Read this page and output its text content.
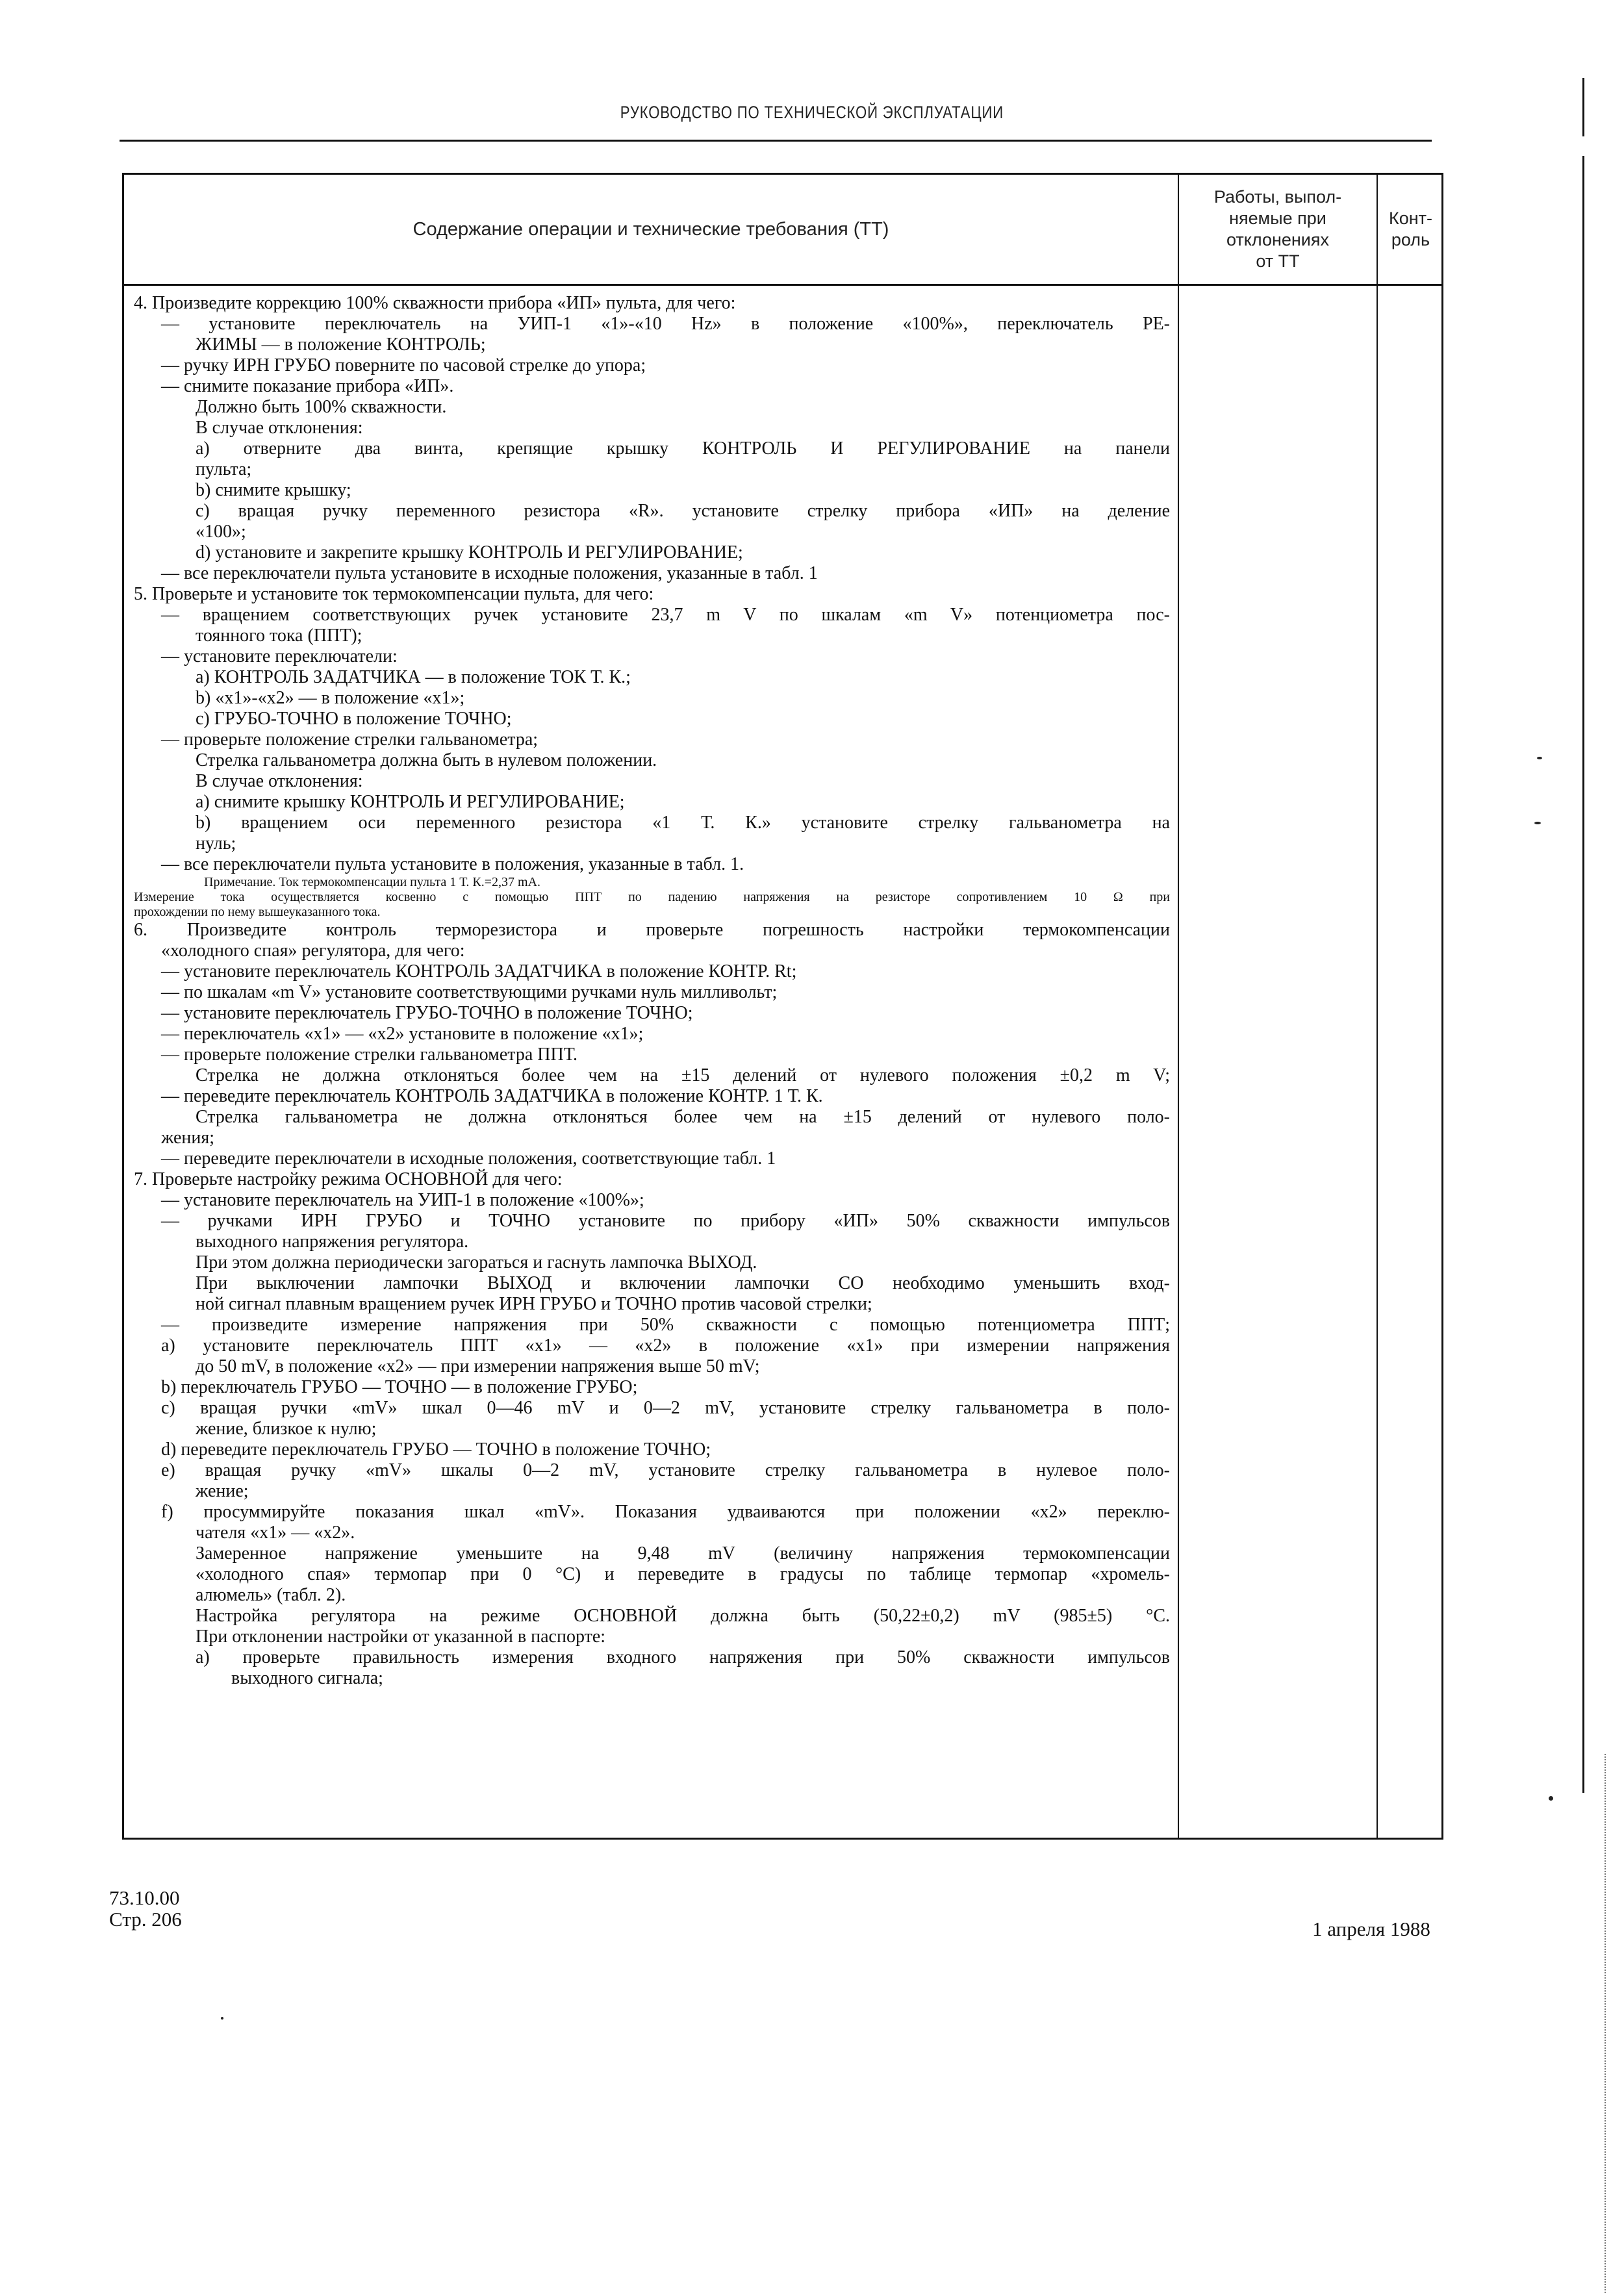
РУКОВОДСТВО ПО ТЕХНИЧЕСКОЙ ЭКСПЛУАТАЦИИ
Содержание операции и технические требования (ТТ)
Работы, выпол-
няемые при
отклонениях
от ТТ
Конт-
роль
4. Произведите коррекцию 100% скважности прибора «ИП» пульта, для чего:
— установите переключатель на УИП-1 «1»-«10 Hz» в положение «100%», переключатель РЕ-
ЖИМЫ — в положение КОНТРОЛЬ;
— ручку ИРН ГРУБО поверните по часовой стрелке до упора;
— снимите показание прибора «ИП».
Должно быть 100% скважности.
В случае отклонения:
a) отверните два винта, крепящие крышку КОНТРОЛЬ И РЕГУЛИРОВАНИЕ на панели
пульта;
b) снимите крышку;
c) вращая ручку переменного резистора «R». установите стрелку прибора «ИП» на деление
«100»;
d) установите и закрепите крышку КОНТРОЛЬ И РЕГУЛИРОВАНИЕ;
— все переключатели пульта установите в исходные положения, указанные в табл. 1
5. Проверьте и установите ток термокомпенсации пульта, для чего:
— вращением соответствующих ручек установите 23,7 m V по шкалам «m V» потенциометра пос-
тоянного тока (ППТ);
— установите переключатели:
a) КОНТРОЛЬ ЗАДАТЧИКА — в положение ТОК Т. К.;
b) «x1»-«x2» — в положение «x1»;
c) ГРУБО-ТОЧНО в положение ТОЧНО;
— проверьте положение стрелки гальванометра;
Стрелка гальванометра должна быть в нулевом положении.
В случае отклонения:
a) снимите крышку КОНТРОЛЬ И РЕГУЛИРОВАНИЕ;
b) вращением оси переменного резистора «1 Т. К.» установите стрелку гальванометра на
нуль;
— все переключатели пульта установите в положения, указанные в табл. 1.
Примечание. Ток термокомпенсации пульта 1 Т. К.=2,37 mA.
Измерение тока осуществляется косвенно с помощью ППТ по падению напряжения на резисторе сопротивлением 10 Ω при
прохождении по нему вышеуказанного тока.
6. Произведите контроль терморезистора и проверьте погрешность настройки термокомпенсации
«холодного спая» регулятора, для чего:
— установите переключатель КОНТРОЛЬ ЗАДАТЧИКА в положение КОНТР. Rt;
— по шкалам «m V» установите соответствующими ручками нуль милливольт;
— установите переключатель ГРУБО-ТОЧНО в положение ТОЧНО;
— переключатель «x1» — «x2» установите в положение «x1»;
— проверьте положение стрелки гальванометра ППТ.
Стрелка не должна отклоняться более чем на ±15 делений от нулевого положения ±0,2 m V;
— переведите переключатель КОНТРОЛЬ ЗАДАТЧИКА в положение КОНТР. 1 Т. К.
Стрелка гальванометра не должна отклоняться более чем на ±15 делений от нулевого поло-
жения;
— переведите переключатели в исходные положения, соответствующие табл. 1
7. Проверьте настройку режима ОСНОВНОЙ для чего:
— установите переключатель на УИП-1 в положение «100%»;
— ручками ИРН ГРУБО и ТОЧНО установите по прибору «ИП» 50% скважности импульсов
выходного напряжения регулятора.
При этом должна периодически загораться и гаснуть лампочка ВЫХОД.
При выключении лампочки ВЫХОД и включении лампочки СО необходимо уменьшить вход-
ной сигнал плавным вращением ручек ИРН ГРУБО и ТОЧНО против часовой стрелки;
— произведите измерение напряжения при 50% скважности с помощью потенциометра ППТ;
a) установите переключатель ППТ «x1» — «x2» в положение «x1» при измерении напряжения
до 50 mV, в положение «x2» — при измерении напряжения выше 50 mV;
b) переключатель ГРУБО — ТОЧНО — в положение ГРУБО;
c) вращая ручки «mV» шкал 0—46 mV и 0—2 mV, установите стрелку гальванометра в поло-
жение, близкое к нулю;
d) переведите переключатель ГРУБО — ТОЧНО в положение ТОЧНО;
e) вращая ручку «mV» шкалы 0—2 mV, установите стрелку гальванометра в нулевое поло-
жение;
f) просуммируйте показания шкал «mV». Показания удваиваются при положении «x2» переклю-
чателя «x1» — «x2».
Замеренное напряжение уменьшите на 9,48 mV (величину напряжения термокомпенсации
«холодного спая» термопар при 0 °C) и переведите в градусы по таблице термопар «хромель-
алюмель» (табл. 2).
Настройка регулятора на режиме ОСНОВНОЙ должна быть (50,22±0,2) mV (985±5) °С.
При отклонении настройки от указанной в паспорте:
a) проверьте правильность измерения входного напряжения при 50% скважности импульсов
выходного сигнала;
73.10.00
Стр. 206	1 апреля 1988
